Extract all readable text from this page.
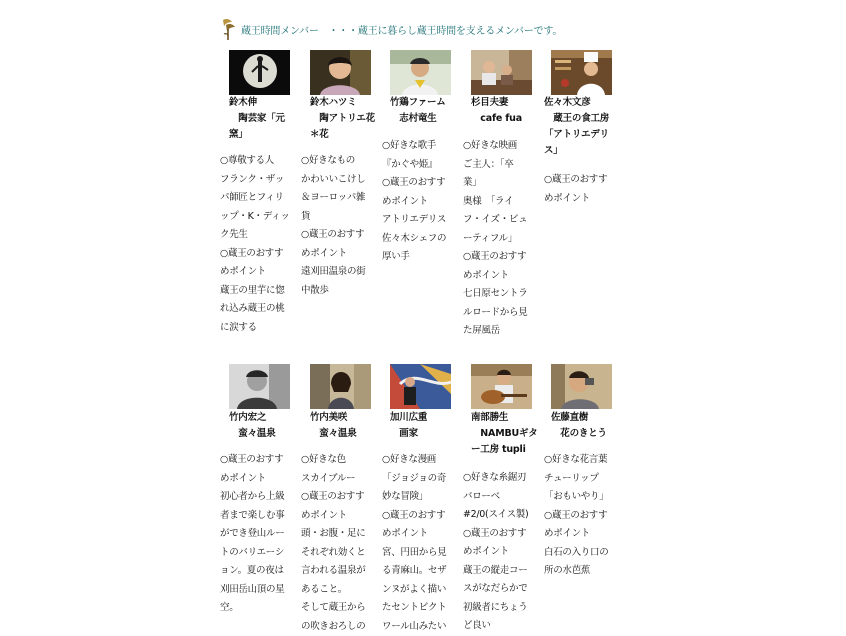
蔵王時間メンバー　・・・蔵王に暮らし蔵王時間を支えるメンバーです。
鈴木伸
　陶芸家「元
窯」
鈴木ハツミ
　陶アトリエ花
＊花
竹鶏ファーム
　志村竜生
杉目夫妻
　cafe fua
佐々木文彦
　蔵王の食工房
「アトリエデリ
ス」
○尊敬する人
フランク・ザッ
パ師匠とフィリ
ップ・K・ディッ
ク先生
○蔵王のおすす
めポイント
蔵王の里芋に惚
れ込み蔵王の桃
に涙する
○好きなもの
かわいいこけし
＆ヨーロッパ雑
貨
○蔵王のおすす
めポイント
遠刈田温泉の街
中散歩
○好きな歌手
『かぐや姫』
○蔵王のおすす
めポイント
アトリエデリス
佐々木シェフの
厚い手
○好きな映画
ご主人：「卒
業」
奥様　「ライ
フ・イズ・ビュ
ーティフル」
○蔵王のおすす
めポイント
七日原セントラ
ルロードから見
た屏風岳
○蔵王のおすす
めポイント
竹内宏之
　蛮々温泉
竹内美咲
　蛮々温泉
加川広重
　画家
南部勝生
　NAMBUギタ
ー工房 tupli
佐藤直樹
　花のきとう
○蔵王のおすす
めポイント
初心者から上級
者まで楽しむ事
ができ登山ルー
トのバリエーシ
ョン。夏の夜は
刈田岳山頂の星
空。
○好きな色
スカイブルー
○蔵王のおすす
めポイント
頭・お腹・足に
それぞれ効くと
言われる温泉が
あること。
そして蔵王から
の吹きおろしの
○好きな漫画
「ジョジョの奇
妙な冒険」
○蔵王のおすす
めポイント
宮、円田から見
る青麻山。セザ
ンヌがよく描い
たセントビクト
ワール山みたい
○好きな糸鋸刃
バローベ
#2/0(スイス製)
○蔵王のおすす
めポイント
蔵王の縦走コー
スがなだらかで
初級者にちょう
ど良い
○好きな花言葉
チューリップ
「おもいやり」
○蔵王のおすす
めポイント
白石の入り口の
所の水芭蕉
